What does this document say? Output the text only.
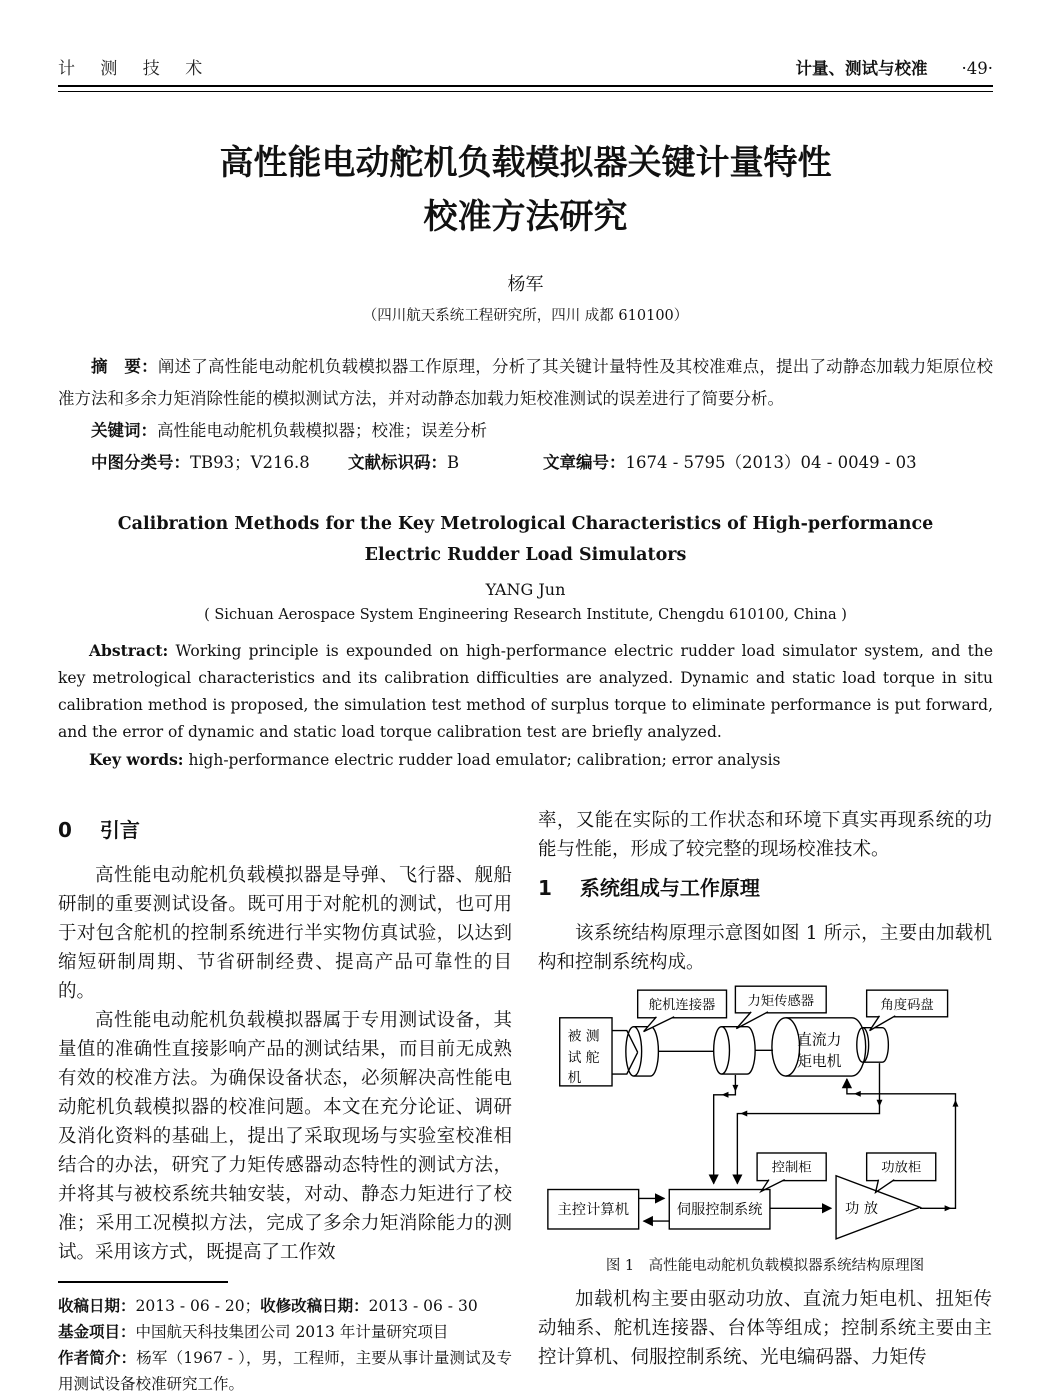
计 测 技 术	计量、测试与校准 ·49·
高性能电动舵机负载模拟器关键计量特性
校准方法研究
杨军
（四川航天系统工程研究所，四川 成都 610100）

摘　要：阐述了高性能电动舵机负载模拟器工作原理，分析了其关键计量特性及其校准难点，提出了动静态加载力矩原位校准方法和多余力矩消除性能的模拟测试方法，并对动静态加载力矩校准测试的误差进行了简要分析。

关键词：高性能电动舵机负载模拟器；校准；误差分析

中图分类号：TB93；V216.8	文献标识码：B	文章编号：1674 - 5795（2013）04 - 0049 - 03

Calibration Methods for the Key Metrological Characteristics of High-performance
Electric Rudder Load Simulators

YANG Jun
( Sichuan Aerospace System Engineering Research Institute, Chengdu 610100, China )

Abstract: Working principle is expounded on high-performance electric rudder load simulator system, and the key metrological characteristics and its calibration difficulties are analyzed. Dynamic and static load torque in situ calibration method is proposed, the simulation test method of surplus torque to eliminate performance is put forward, and the error of dynamic and static load torque calibration test are briefly analyzed.

Key words: high-performance electric rudder load emulator; calibration; error analysis

0 引言

高性能电动舵机负载模拟器是导弹、飞行器、舰船研制的重要测试设备。既可用于对舵机的测试，也可用于对包含舵机的控制系统进行半实物仿真试验，以达到缩短研制周期、节省研制经费、提高产品可靠性的目的。

高性能电动舵机负载模拟器属于专用测试设备，其量值的准确性直接影响产品的测试结果，而目前无成熟有效的校准方法。为确保设备状态，必须解决高性能电动舵机负载模拟器的校准问题。本文在充分论证、调研及消化资料的基础上，提出了采取现场与实验室校准相结合的办法，研究了力矩传感器动态特性的测试方法，并将其与被校系统共轴安装，对动、静态力矩进行了校准；采用工况模拟方法，完成了多余力矩消除能力的测试。采用该方式，既提高了工作效

收稿日期：2013 - 06 - 20；收修改稿日期：2013 - 06 - 30

基金项目：中国航天科技集团公司 2013 年计量研究项目

作者简介：杨军（1967 - ），男，工程师，主要从事计量测试及专用测试设备校准研究工作。

率，又能在实际的工作状态和环境下真实再现系统的功能与性能，形成了较完整的现场校准技术。

1 系统组成与工作原理

该系统结构原理示意图如图 1 所示，主要由加载机构和控制系统构成。

被 测
试 舵
机
舵机连接器 力矩传感器	角度码盘
控制柜	功放柜
直流力
矩电机
主控计算机	伺服控制系统	功 放
图 1　高性能电动舵机负载模拟器系统结构原理图

加载机构主要由驱动功放、直流力矩电机、扭矩传动轴系、舵机连接器、台体等组成；控制系统主要由主控计算机、伺服控制系统、光电编码器、力矩传
